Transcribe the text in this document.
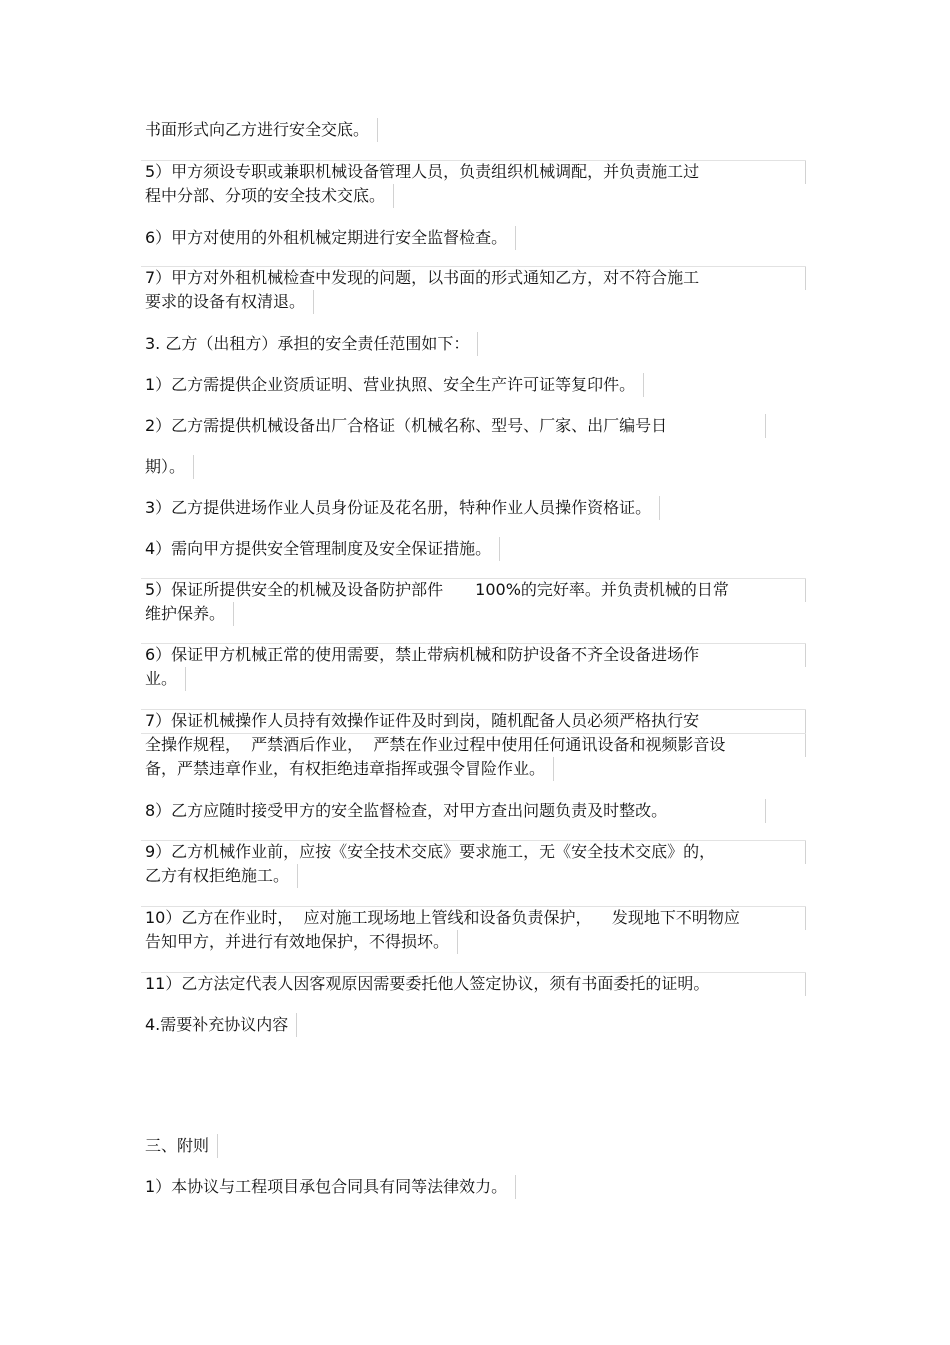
书面形式向乙方进行安全交底。
5）甲方须设专职或兼职机械设备管理人员，负责组织机械调配，并负责施工过
程中分部、分项的安全技术交底。
6）甲方对使用的外租机械定期进行安全监督检查。
7）甲方对外租机械检查中发现的问题，以书面的形式通知乙方，对不符合施工
要求的设备有权清退。
3. 乙方（出租方）承担的安全责任范围如下：
1）乙方需提供企业资质证明、营业执照、安全生产许可证等复印件。
2）乙方需提供机械设备出厂合格证（机械名称、型号、厂家、出厂编号日
期）。
3）乙方提供进场作业人员身份证及花名册，特种作业人员操作资格证。
4）需向甲方提供安全管理制度及安全保证措施。
5）保证所提供安全的机械及设备防护部件　　100%的完好率。并负责机械的日常
维护保养。
6）保证甲方机械正常的使用需要，禁止带病机械和防护设备不齐全设备进场作
业。
7）保证机械操作人员持有效操作证件及时到岗，随机配备人员必须严格执行安
全操作规程，  严禁酒后作业，  严禁在作业过程中使用任何通讯设备和视频影音设
备，严禁违章作业，有权拒绝违章指挥或强令冒险作业。
8）乙方应随时接受甲方的安全监督检查，对甲方查出问题负责及时整改。
9）乙方机械作业前，应按《安全技术交底》要求施工，无《安全技术交底》的，
乙方有权拒绝施工。
10）乙方在作业时，  应对施工现场地上管线和设备负责保护，    发现地下不明物应
告知甲方，并进行有效地保护，不得损坏。
11）乙方法定代表人因客观原因需要委托他人签定协议，须有书面委托的证明。
4.需要补充协议内容
三、附则
1）本协议与工程项目承包合同具有同等法律效力。
